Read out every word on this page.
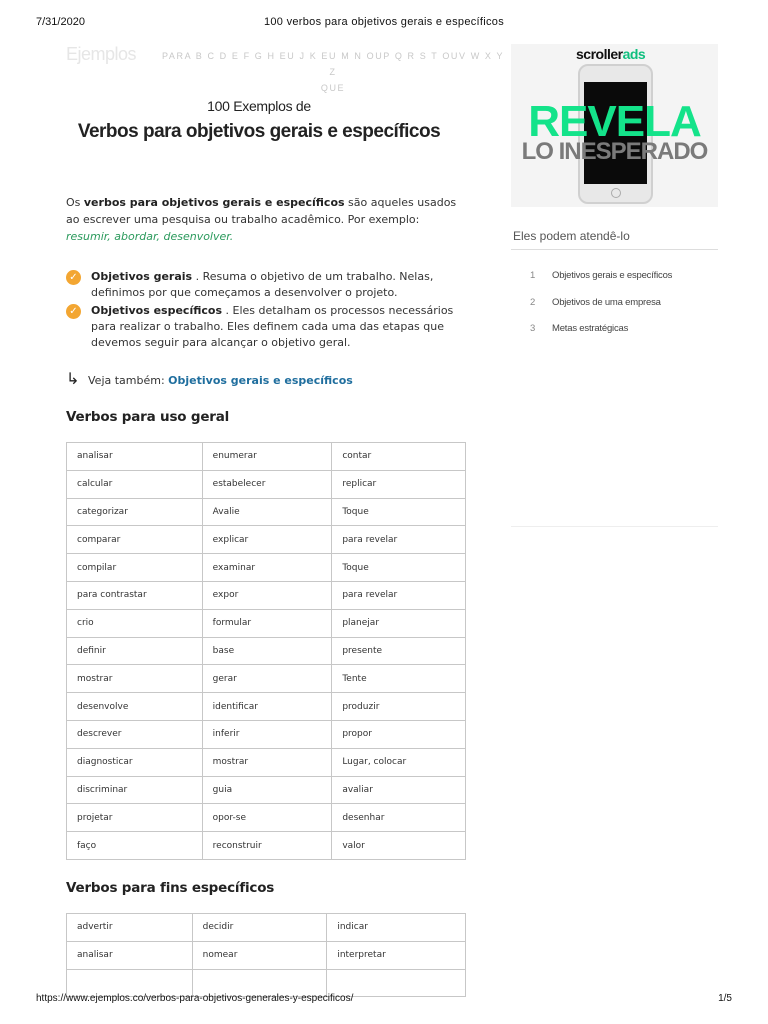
7/31/2020	100 verbos para objetivos gerais e específicos
Ejemplos	PARA B C D E F G H EU J K EU M N OUP Q R S T OUV W X Y Z
QUE
scrollerads
REVELA
LO INESPERADO
Eles podem atendê-lo
1	Objetivos gerais e específicos
2	Objetivos de uma empresa
3	Metas estratégicas
100 Exemplos de
Verbos para objetivos gerais e específicos

Os verbos para objetivos gerais e específicos são aqueles usados ao escrever uma pesquisa ou trabalho acadêmico. Por exemplo: resumir, abordar, desenvolver.

✓	Objetivos gerais . Resuma o objetivo de um trabalho. Nelas, definimos por que começamos a desenvolver o projeto.
✓	Objetivos específicos . Eles detalham os processos necessários para realizar o trabalho. Eles definem cada uma das etapas que devemos seguir para alcançar o objetivo geral.
↳ Veja também: Objetivos gerais e específicos
Verbos para uso geral
analisar	enumerar	contar
calcular	estabelecer	replicar
categorizar	Avalie	Toque
comparar	explicar	para revelar
compilar	examinar	Toque
para contrastar	expor	para revelar
crio	formular	planejar
definir	base	presente
mostrar	gerar	Tente
desenvolve	identificar	produzir
descrever	inferir	propor
diagnosticar	mostrar	Lugar, colocar
discriminar	guia	avaliar
projetar	opor-se	desenhar
faço	reconstruir	valor
Verbos para fins específicos
advertir	decidir	indicar
analisar	nomear	interpretar

https://www.ejemplos.co/verbos-para-objetivos-generales-y-especificos/	1/5
